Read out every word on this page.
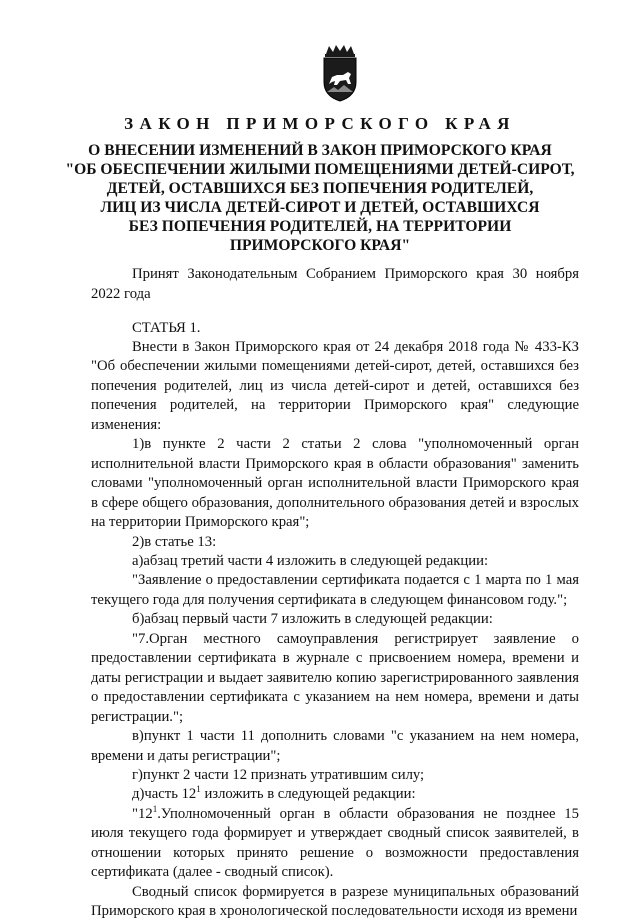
ЗАКОН ПРИМОРСКОГО КРАЯ
О ВНЕСЕНИИ ИЗМЕНЕНИЙ В ЗАКОН ПРИМОРСКОГО КРАЯ
"ОБ ОБЕСПЕЧЕНИИ ЖИЛЫМИ ПОМЕЩЕНИЯМИ ДЕТЕЙ-СИРОТ,
ДЕТЕЙ, ОСТАВШИХСЯ БЕЗ ПОПЕЧЕНИЯ РОДИТЕЛЕЙ,
ЛИЦ ИЗ ЧИСЛА ДЕТЕЙ-СИРОТ И ДЕТЕЙ, ОСТАВШИХСЯ
БЕЗ ПОПЕЧЕНИЯ РОДИТЕЛЕЙ, НА ТЕРРИТОРИИ
ПРИМОРСКОГО КРАЯ"
Принят Законодательным Собранием Приморского края 30 ноября
2022 года
СТАТЬЯ 1.

Внести в Закон Приморского края от 24 декабря 2018 года № 433-КЗ "Об обеспечении жилыми помещениями детей-сирот, детей, оставшихся без попечения родителей, лиц из числа детей-сирот и детей, оставшихся без попечения родителей, на территории Приморского края" следующие изменения:

1)в пункте 2 части 2 статьи 2 слова "уполномоченный орган исполнительной власти Приморского края в области образования" заменить словами "уполномоченный орган исполнительной власти Приморского края в сфере общего образования, дополнительного образования детей и взрослых на территории Приморского края";

2)в статье 13:

а)абзац третий части 4 изложить в следующей редакции:

"Заявление о предоставлении сертификата подается с 1 марта по 1 мая текущего года для получения сертификата в следующем финансовом году.";

б)абзац первый части 7 изложить в следующей редакции:

"7.Орган местного самоуправления регистрирует заявление о предоставлении сертификата в журнале с присвоением номера, времени и даты регистрации и выдает заявителю копию зарегистрированного заявления о предоставлении сертификата с указанием на нем номера, времени и даты регистрации.";

в)пункт 1 части 11 дополнить словами "с указанием на нем номера, времени и даты регистрации";

г)пункт 2 части 12 признать утратившим силу;

д)часть $12^1$ изложить в следующей редакции:

"$12^1.Уполномоченный$ орган в области образования не позднее 15 июля текущего года формирует и утверждает сводный список заявителей, в отношении которых принято решение о возможности предоставления сертификата (далее - сводный список).

Сводный список формируется в разрезе муниципальных образований Приморского края в хронологической последовательности исходя из времени
